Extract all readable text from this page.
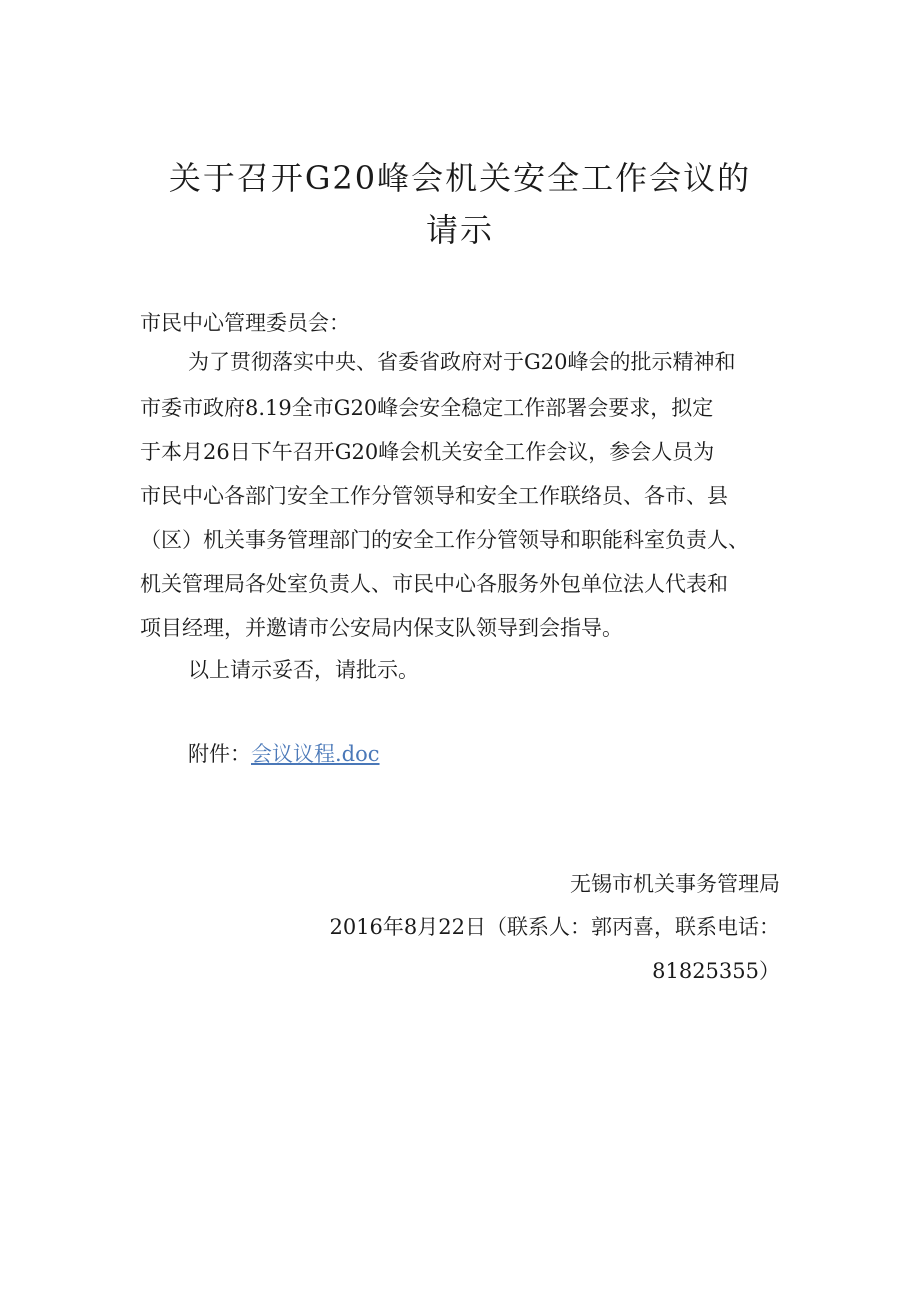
关于召开G20峰会机关安全工作会议的
请示
市民中心管理委员会：
为了贯彻落实中央、省委省政府对于G20峰会的批示精神和
市委市政府8.19全市G20峰会安全稳定工作部署会要求，拟定
于本月26日下午召开G20峰会机关安全工作会议，参会人员为
市民中心各部门安全工作分管领导和安全工作联络员、各市、县
（区）机关事务管理部门的安全工作分管领导和职能科室负责人、
机关管理局各处室负责人、市民中心各服务外包单位法人代表和
项目经理，并邀请市公安局内保支队领导到会指导。
以上请示妥否，请批示。
附件：会议议程.doc
无锡市机关事务管理局
2016年8月22日（联系人：郭丙喜，联系电话：
81825355）
